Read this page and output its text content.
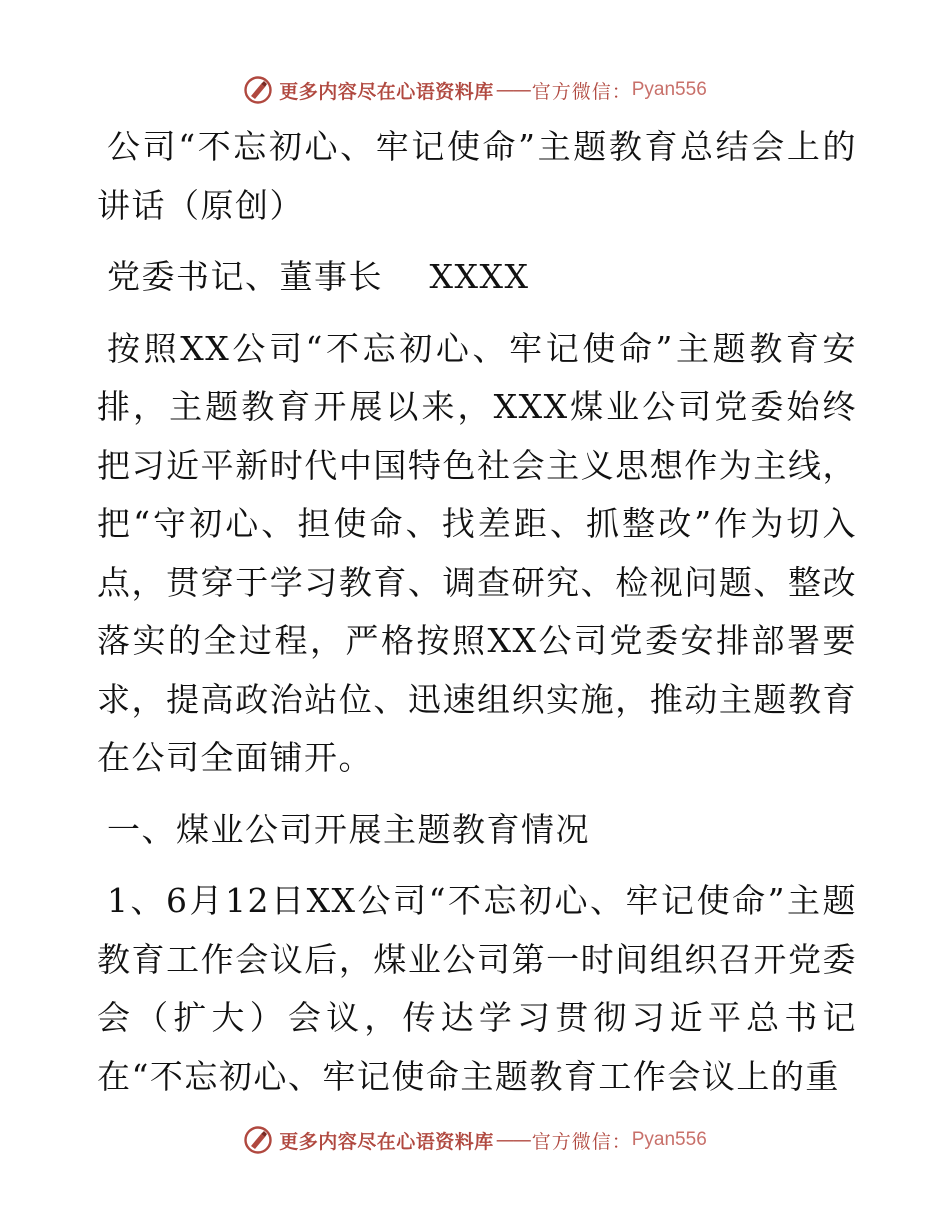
更多内容尽在心语资料库 —— 官方微信： Pyan556

公司“不忘初心、牢记使命”主题教育总结会上的讲话（原创）

党委书记、董事长　 XXXX

按照XX公司“不忘初心、牢记使命”主题教育安排，主题教育开展以来，XXX煤业公司党委始终把习近平新时代中国特色社会主义思想作为主线，把“守初心、担使命、找差距、抓整改”作为切入点，贯穿于学习教育、调查研究、检视问题、整改落实的全过程，严格按照XX公司党委安排部署要求，提高政治站位、迅速组织实施，推动主题教育在公司全面铺开。

一、煤业公司开展主题教育情况

1、6月12日XX公司“不忘初心、牢记使命”主题教育工作会议后，煤业公司第一时间组织召开党委会（扩大）会议，传达学习贯彻习近平总书记在“不忘初心、牢记使命主题教育工作会议上的重

更多内容尽在心语资料库 —— 官方微信： Pyan556
